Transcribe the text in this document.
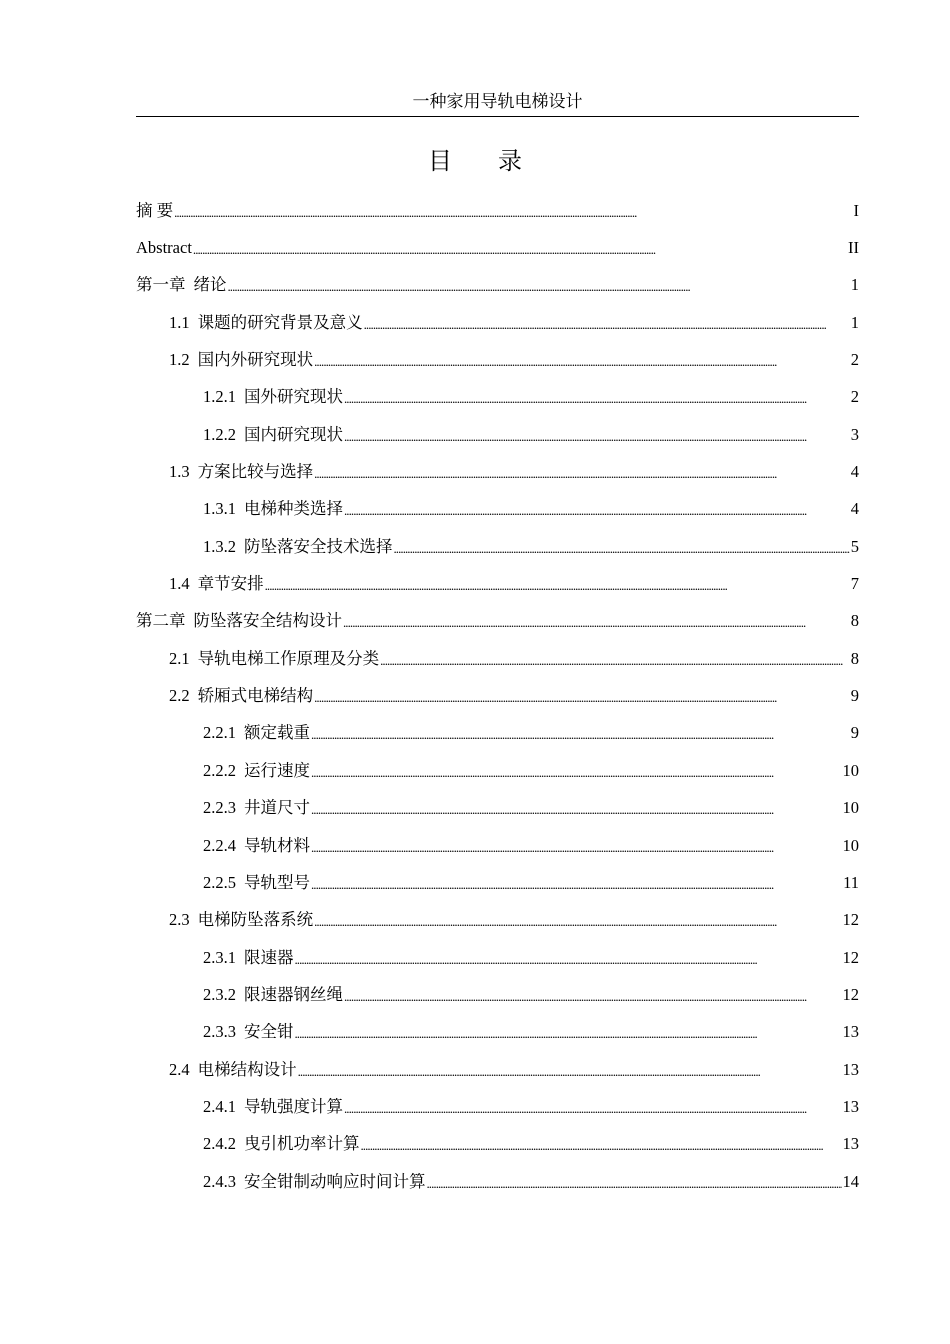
一种家用导轨电梯设计
目 录
摘 要 . . .	I
Abstract . . .	II
第一章 绪论 . . .	1
1.1 课题的研究背景及意义 . . .	1
1.2 国内外研究现状 . . .	2
1.2.1 国外研究现状 . . .	2
1.2.2 国内研究现状 . . .	3
1.3 方案比较与选择 . . .	4
1.3.1 电梯种类选择 . . .	4
1.3.2 防坠落安全技术选择 . . .	5
1.4 章节安排 . . .	7
第二章 防坠落安全结构设计 . . .	8
2.1 导轨电梯工作原理及分类 . . .	8
2.2 轿厢式电梯结构 . . .	9
2.2.1 额定载重 . . .	9
2.2.2 运行速度 . . .	10
2.2.3 井道尺寸 . . .	10
2.2.4 导轨材料 . . .	10
2.2.5 导轨型号 . . .	11
2.3 电梯防坠落系统 . . .	12
2.3.1 限速器 . . .	12
2.3.2 限速器钢丝绳 . . .	12
2.3.3 安全钳 . . .	13
2.4 电梯结构设计 . . .	13
2.4.1 导轨强度计算 . . .	13
2.4.2 曳引机功率计算 . . .	13
2.4.3 安全钳制动响应时间计算 . . .	14
